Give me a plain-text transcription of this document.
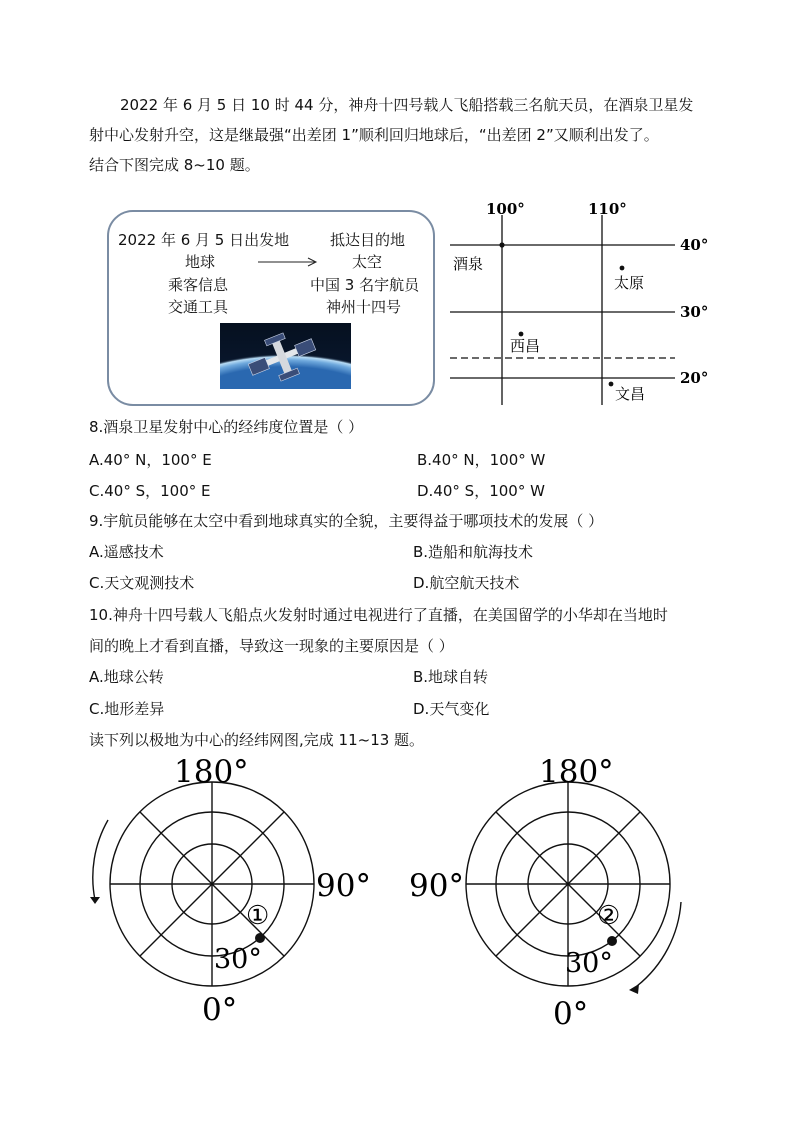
2022 年 6 月 5 日 10 时 44 分，神舟十四号载人飞船搭载三名航天员，在酒泉卫星发
射中心发射升空，这是继最强“出差团 1”顺利回归地球后，“出差团 2”又顺利出发了。
结合下图完成 8~10 题。
2022 年 6 月 5 日出发地	抵达目的地
地球	太空
乘客信息	中国 3 名宇航员
交通工具	神州十四号
100°	110°
40°
30°
20°
酒泉
太原
西昌
文昌
8.酒泉卫星发射中心的经纬度位置是（ ）
A.40° N，100° E	B.40° N，100° W
C.40° S，100° E	D.40° S，100° W
9.宇航员能够在太空中看到地球真实的全貌，主要得益于哪项技术的发展（ ）
A.遥感技术	B.造船和航海技术
C.天文观测技术	D.航空航天技术
10.神舟十四号载人飞船点火发射时通过电视进行了直播，在美国留学的小华却在当地时
间的晚上才看到直播，导致这一现象的主要原因是（ ）
A.地球公转	B.地球自转
C.地形差异	D.天气变化
读下列以极地为中心的经纬网图,完成 11~13 题。
180°
90°
0°
30°
①
180°
90°
0°
30°
②
